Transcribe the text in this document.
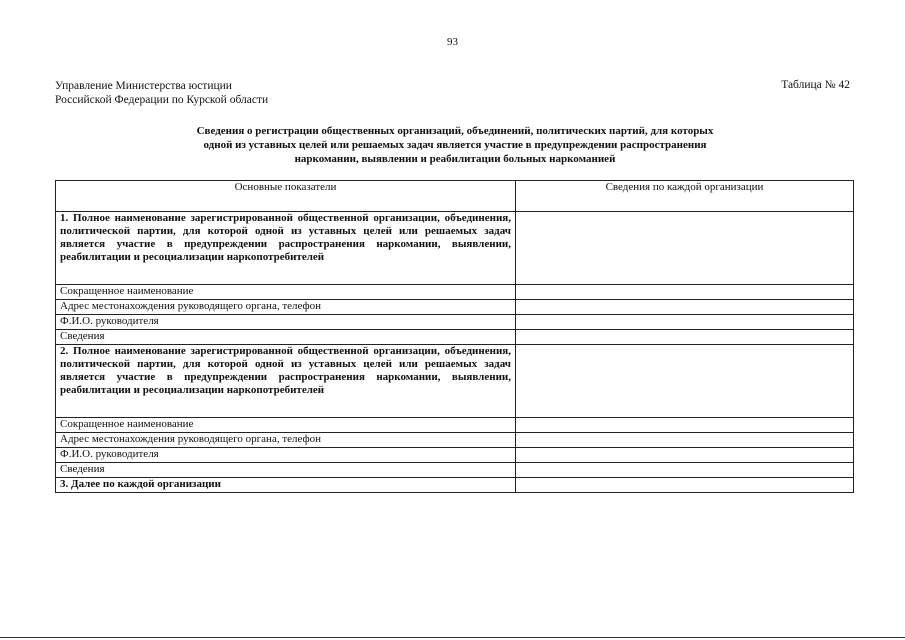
93
Управление Министерства юстиции
Российской Федерации по Курской области
Таблица № 42
Сведения о регистрации общественных организаций, объединений, политических партий, для которых
одной из уставных целей или решаемых задач является участие в предупреждении распространения
наркомании, выявлении и реабилитации больных наркоманией
Основные показатели	Сведения по каждой организации
1. Полное наименование зарегистрированной общественной организации, объединения, политической партии, для которой одной из уставных целей или решаемых задач является участие в предупреждении распространения наркомании, выявлении, реабилитации и ресоциализации наркопотребителей	
Сокращенное наименование	
Адрес местонахождения руководящего органа, телефон	
Ф.И.О. руководителя	
Сведения	
2. Полное наименование зарегистрированной общественной организации, объединения, политической партии, для которой одной из уставных целей или решаемых задач является участие в предупреждении распространения наркомании, выявлении, реабилитации и ресоциализации наркопотребителей	
Сокращенное наименование	
Адрес местонахождения руководящего органа, телефон	
Ф.И.О. руководителя	
Сведения	
3. Далее по каждой организации	
